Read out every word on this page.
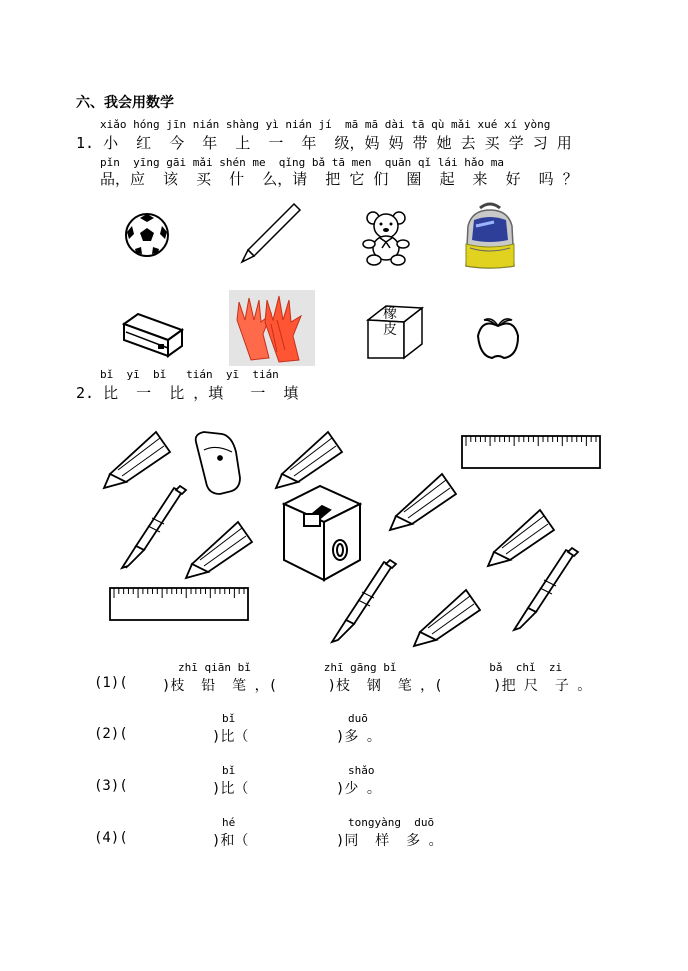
六、我会用数学
xiǎo hóng jīn nián shàng yì nián jí  mā mā dài tā qù mǎi xué xí yòng
1. 小  红  今  年  上  一  年  级，妈 妈 带 她 去 买 学 习 用
pǐn  yīng gāi mǎi shén me  qǐng bǎ tā men  quān qǐ lái hǎo ma
品，应  该  买  什  么，请  把 它 们  圈  起  来  好  吗 ？
橡
皮
bǐ  yī  bǐ   tián  yī  tián
2. 比  一  比 ，填   一  填
zhī qiān bǐ           zhī gāng bǐ              bǎ  chǐ  zi
(1)( )枝  铅  笔 ，(      )枝  钢  笔 ，(      )把 尺  子 。
bǐ	duō
(2)(	)比（	)多 。
bǐ	shǎo
(3)(	)比（	)少 。
hé	tongyàng  duō
(4)(	)和（	)同  样  多 。
